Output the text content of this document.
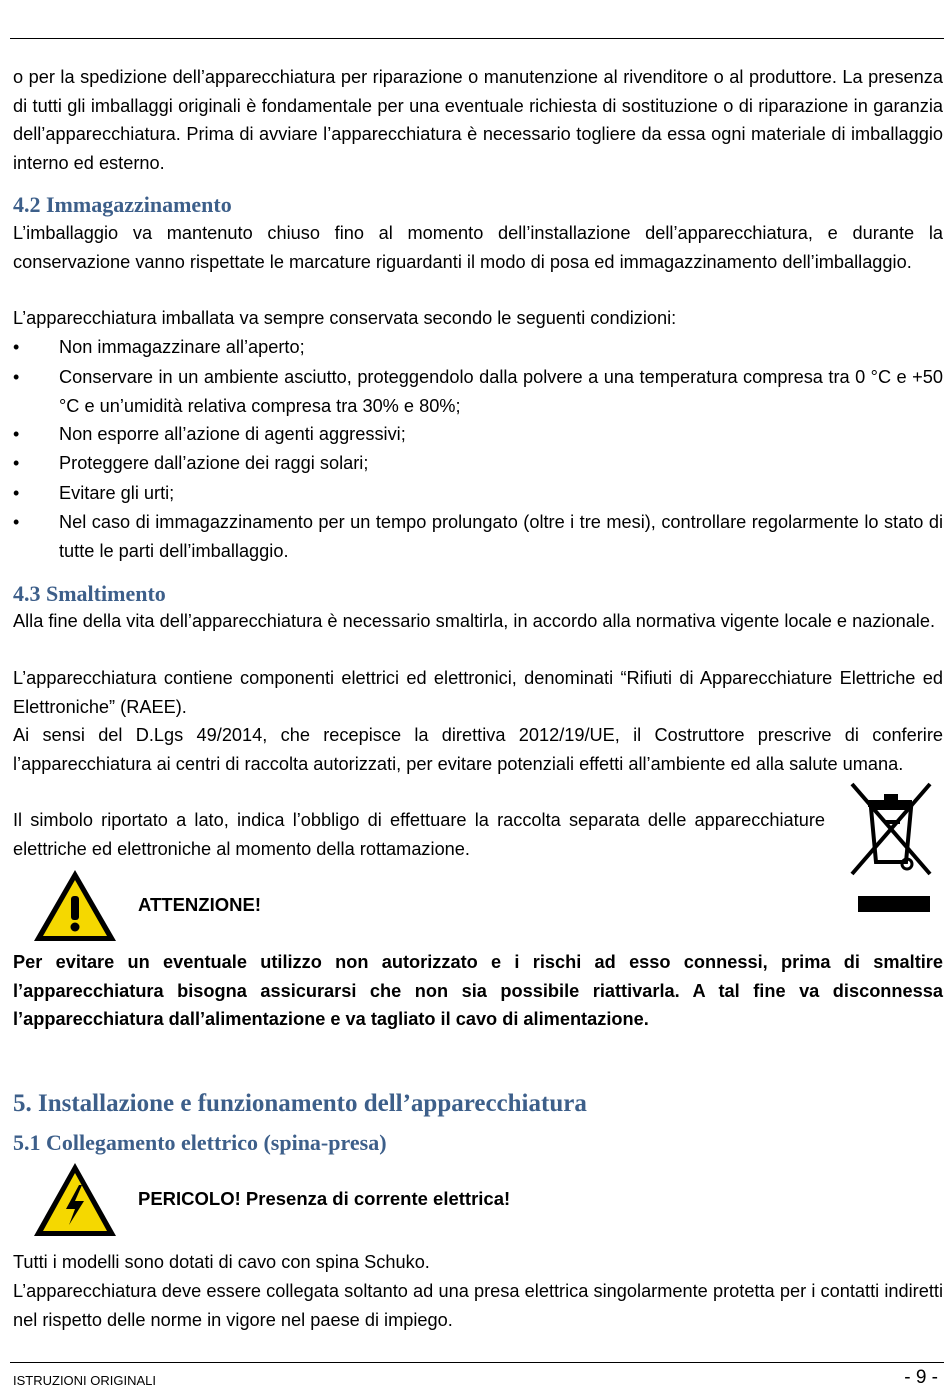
o per la spedizione dell’apparecchiatura per riparazione o manutenzione al rivenditore o al produttore. La presenza di tutti gli imballaggi originali è fondamentale per una eventuale richiesta di sostituzione o di riparazione in garanzia dell’apparecchiatura. Prima di avviare l’apparecchiatura è necessario togliere da essa ogni materiale di imballaggio interno ed esterno.
4.2 Immagazzinamento
L’imballaggio va mantenuto chiuso fino al momento dell’installazione dell’apparecchiatura, e durante la conservazione vanno rispettate le marcature riguardanti il modo di posa ed immagazzinamento dell’imballaggio.
L’apparecchiatura imballata va sempre conservata secondo le seguenti condizioni:
•	Non immagazzinare all’aperto;
•	Conservare in un ambiente asciutto, proteggendolo dalla polvere a una temperatura compresa tra 0 °C e +50 °C e un’umidità relativa compresa tra 30% e 80%;
•	Non esporre all’azione di agenti aggressivi;
•	Proteggere dall’azione dei raggi solari;
•	Evitare gli urti;
•	Nel caso di immagazzinamento per un tempo prolungato (oltre i tre mesi), controllare regolarmente lo stato di tutte le parti dell’imballaggio.
4.3 Smaltimento
Alla fine della vita dell’apparecchiatura è necessario smaltirla, in accordo alla normativa vigente locale e nazionale.
L’apparecchiatura contiene componenti elettrici ed elettronici, denominati “Rifiuti di Apparecchiature Elettriche ed Elettroniche” (RAEE).
Ai sensi del D.Lgs 49/2014, che recepisce la direttiva 2012/19/UE, il Costruttore prescrive di conferire l’apparecchiatura ai centri di raccolta autorizzati, per evitare potenziali effetti all’ambiente ed alla salute umana.
Il simbolo riportato a lato, indica l’obbligo di effettuare la raccolta separata delle apparecchiature elettriche ed elettroniche al momento della rottamazione.
ATTENZIONE!
Per evitare un eventuale utilizzo non autorizzato e i rischi ad esso connessi, prima di smaltire l’apparecchiatura bisogna assicurarsi che non sia possibile riattivarla. A tal fine va disconnessa l’apparecchiatura dall’alimentazione e va tagliato il cavo di alimentazione.
5. Installazione e funzionamento dell’apparecchiatura
5.1 Collegamento elettrico (spina-presa)
PERICOLO! Presenza di corrente elettrica!
Tutti i modelli sono dotati di cavo con spina Schuko.
L’apparecchiatura deve essere collegata soltanto ad una presa elettrica singolarmente protetta per i contatti indiretti nel rispetto delle norme in vigore nel paese di impiego.
ISTRUZIONI ORIGINALI	- 9 -
